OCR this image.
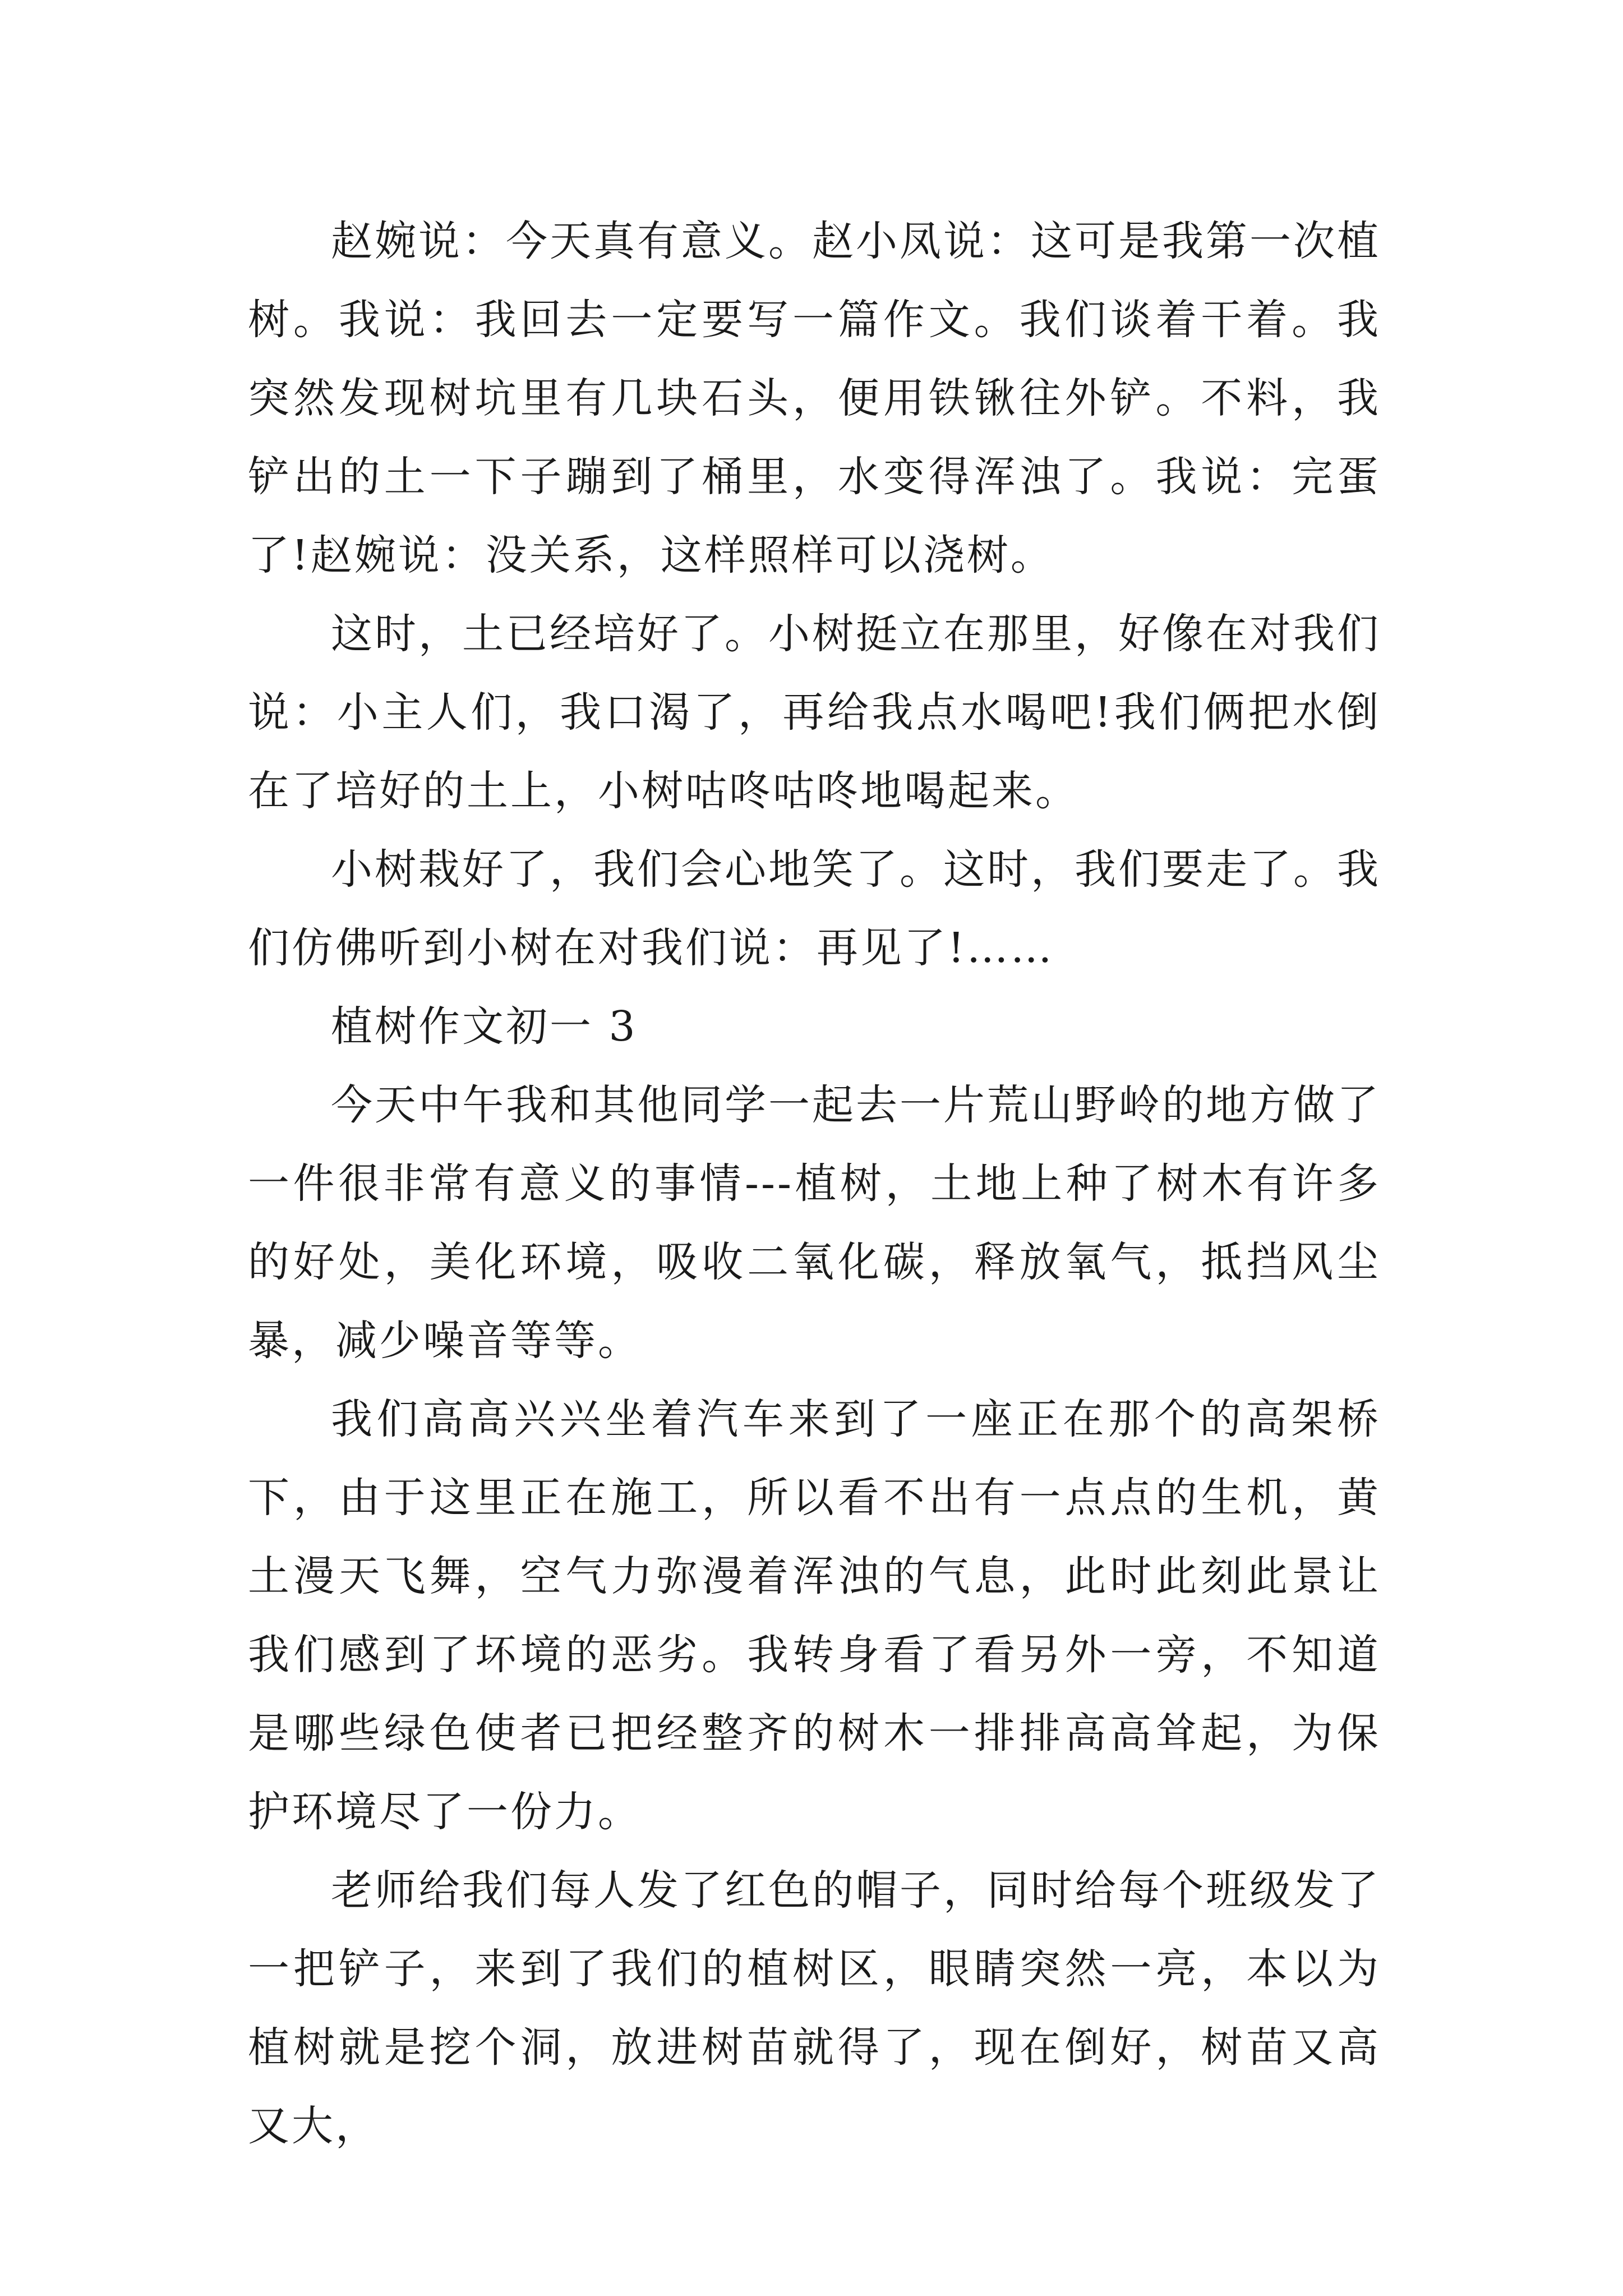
赵婉说：今天真有意义。赵小凤说：这可是我第一次植树。我说：我回去一定要写一篇作文。我们谈着干着。我突然发现树坑里有几块石头，便用铁锹往外铲。不料，我铲出的土一下子蹦到了桶里，水变得浑浊了。我说：完蛋了!赵婉说：没关系，这样照样可以浇树。

这时，土已经培好了。小树挺立在那里，好像在对我们说：小主人们，我口渴了，再给我点水喝吧!我们俩把水倒在了培好的土上，小树咕咚咕咚地喝起来。

小树栽好了，我们会心地笑了。这时，我们要走了。我们仿佛听到小树在对我们说：再见了!……

植树作文初一 3

今天中午我和其他同学一起去一片荒山野岭的地方做了一件很非常有意义的事情---植树，土地上种了树木有许多的好处，美化环境，吸收二氧化碳，释放氧气，抵挡风尘暴，减少噪音等等。

我们高高兴兴坐着汽车来到了一座正在那个的高架桥下，由于这里正在施工，所以看不出有一点点的生机，黄土漫天飞舞，空气力弥漫着浑浊的气息，此时此刻此景让我们感到了坏境的恶劣。我转身看了看另外一旁，不知道是哪些绿色使者已把经整齐的树木一排排高高耸起，为保护环境尽了一份力。

老师给我们每人发了红色的帽子，同时给每个班级发了一把铲子，来到了我们的植树区，眼睛突然一亮，本以为植树就是挖个洞，放进树苗就得了，现在倒好，树苗又高又大，
